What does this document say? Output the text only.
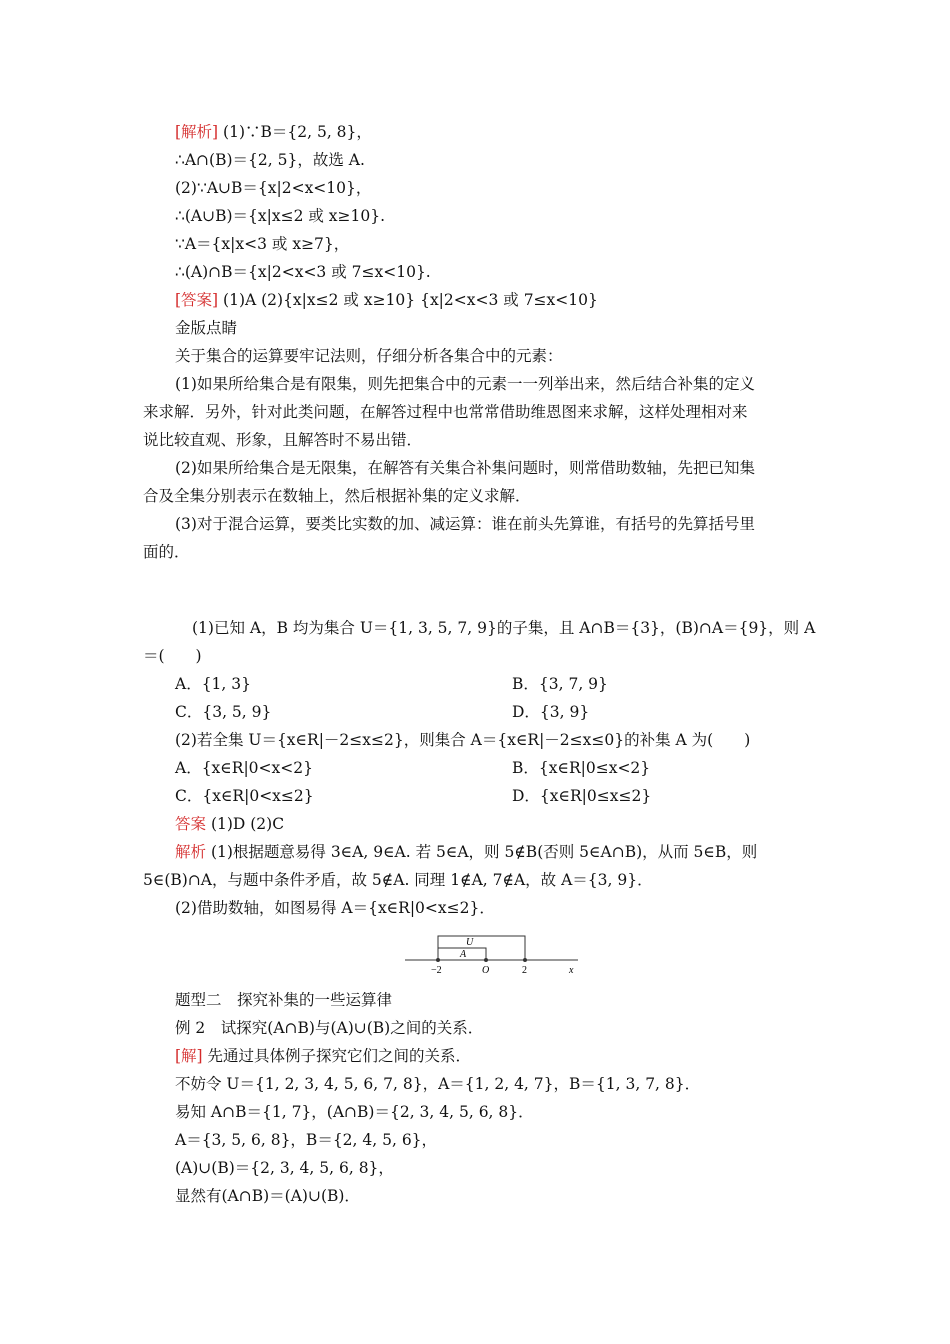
[解析] (1)∵B＝{2, 5, 8}，
∴A∩(B)＝{2, 5}，故选 A.
(2)∵A∪B＝{x|2<x<10}，
∴(A∪B)＝{x|x≤2 或 x≥10}.
∵A＝{x|x<3 或 x≥7}，
∴(A)∩B＝{x|2<x<3 或 7≤x<10}.
[答案] (1)A (2){x|x≤2 或 x≥10} {x|2<x<3 或 7≤x<10}
金版点睛
关于集合的运算要牢记法则，仔细分析各集合中的元素：
(1)如果所给集合是有限集，则先把集合中的元素一一列举出来，然后结合补集的定义
来求解．另外，针对此类问题，在解答过程中也常常借助维恩图来求解，这样处理相对来
说比较直观、形象，且解答时不易出错．
(2)如果所给集合是无限集，在解答有关集合补集问题时，则常借助数轴，先把已知集
合及全集分别表示在数轴上，然后根据补集的定义求解．
(3)对于混合运算，要类比实数的加、减运算：谁在前头先算谁，有括号的先算括号里
面的．
(1)已知 A，B 均为集合 U＝{1, 3, 5, 7, 9}的子集，且 A∩B＝{3}，(B)∩A＝{9}，则 A
＝(　　)
A．{1, 3}	B．{3, 7, 9}
C．{3, 5, 9}	D．{3, 9}
(2)若全集 U＝{x∈R|－2≤x≤2}，则集合 A＝{x∈R|－2≤x≤0}的补集 A 为(　　)
A．{x∈R|0<x<2}	B．{x∈R|0≤x<2}
C．{x∈R|0<x≤2}	D．{x∈R|0≤x≤2}
答案 (1)D (2)C
解析 (1)根据题意易得 3∈A, 9∈A. 若 5∈A，则 5∉B(否则 5∈A∩B)，从而 5∈B，则
5∈(B)∩A，与题中条件矛盾，故 5∉A. 同理 1∉A, 7∉A，故 A＝{3, 9}．
(2)借助数轴，如图易得 A＝{x∈R|0<x≤2}．
U
A
−2	O	2	x
题型二　探究补集的一些运算律
例 2　试探究(A∩B)与(A)∪(B)之间的关系．
[解] 先通过具体例子探究它们之间的关系．
不妨令 U＝{1, 2, 3, 4, 5, 6, 7, 8}，A＝{1, 2, 4, 7}，B＝{1, 3, 7, 8}．
易知 A∩B＝{1, 7}，(A∩B)＝{2, 3, 4, 5, 6, 8}．
A＝{3, 5, 6, 8}，B＝{2, 4, 5, 6}，
(A)∪(B)＝{2, 3, 4, 5, 6, 8}，
显然有(A∩B)＝(A)∪(B)．
